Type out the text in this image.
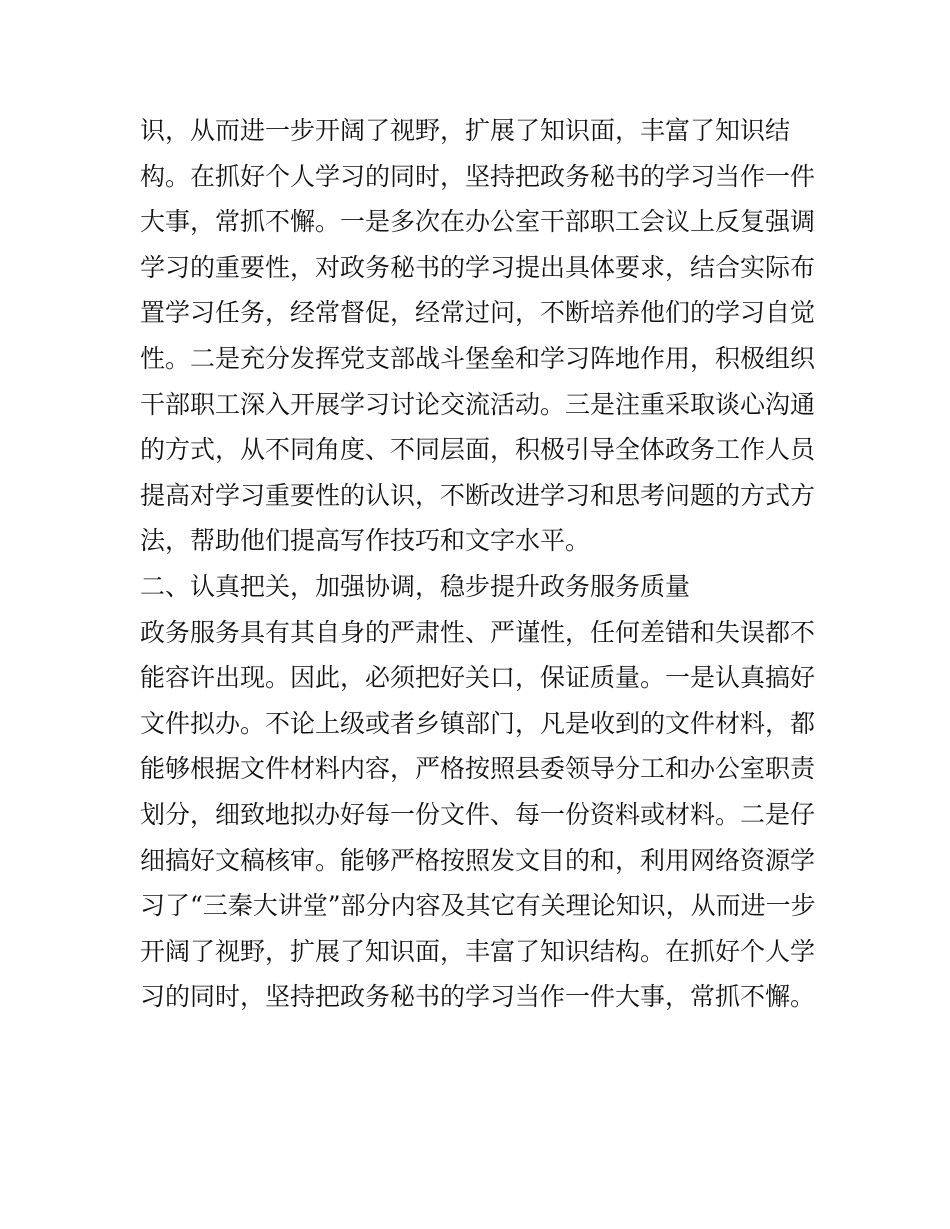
识，从而进一步开阔了视野，扩展了知识面，丰富了知识结
构。在抓好个人学习的同时，坚持把政务秘书的学习当作一件
大事，常抓不懈。一是多次在办公室干部职工会议上反复强调
学习的重要性，对政务秘书的学习提出具体要求，结合实际布
置学习任务，经常督促，经常过问，不断培养他们的学习自觉
性。二是充分发挥党支部战斗堡垒和学习阵地作用，积极组织
干部职工深入开展学习讨论交流活动。三是注重采取谈心沟通
的方式，从不同角度、不同层面，积极引导全体政务工作人员
提高对学习重要性的认识，不断改进学习和思考问题的方式方
法，帮助他们提高写作技巧和文字水平。
二、认真把关，加强协调，稳步提升政务服务质量
政务服务具有其自身的严肃性、严谨性，任何差错和失误都不
能容许出现。因此，必须把好关口，保证质量。一是认真搞好
文件拟办。不论上级或者乡镇部门，凡是收到的文件材料，都
能够根据文件材料内容，严格按照县委领导分工和办公室职责
划分，细致地拟办好每一份文件、每一份资料或材料。二是仔
细搞好文稿核审。能够严格按照发文目的和，利用网络资源学
习了“三秦大讲堂”部分内容及其它有关理论知识，从而进一步
开阔了视野，扩展了知识面，丰富了知识结构。在抓好个人学
习的同时，坚持把政务秘书的学习当作一件大事，常抓不懈。
